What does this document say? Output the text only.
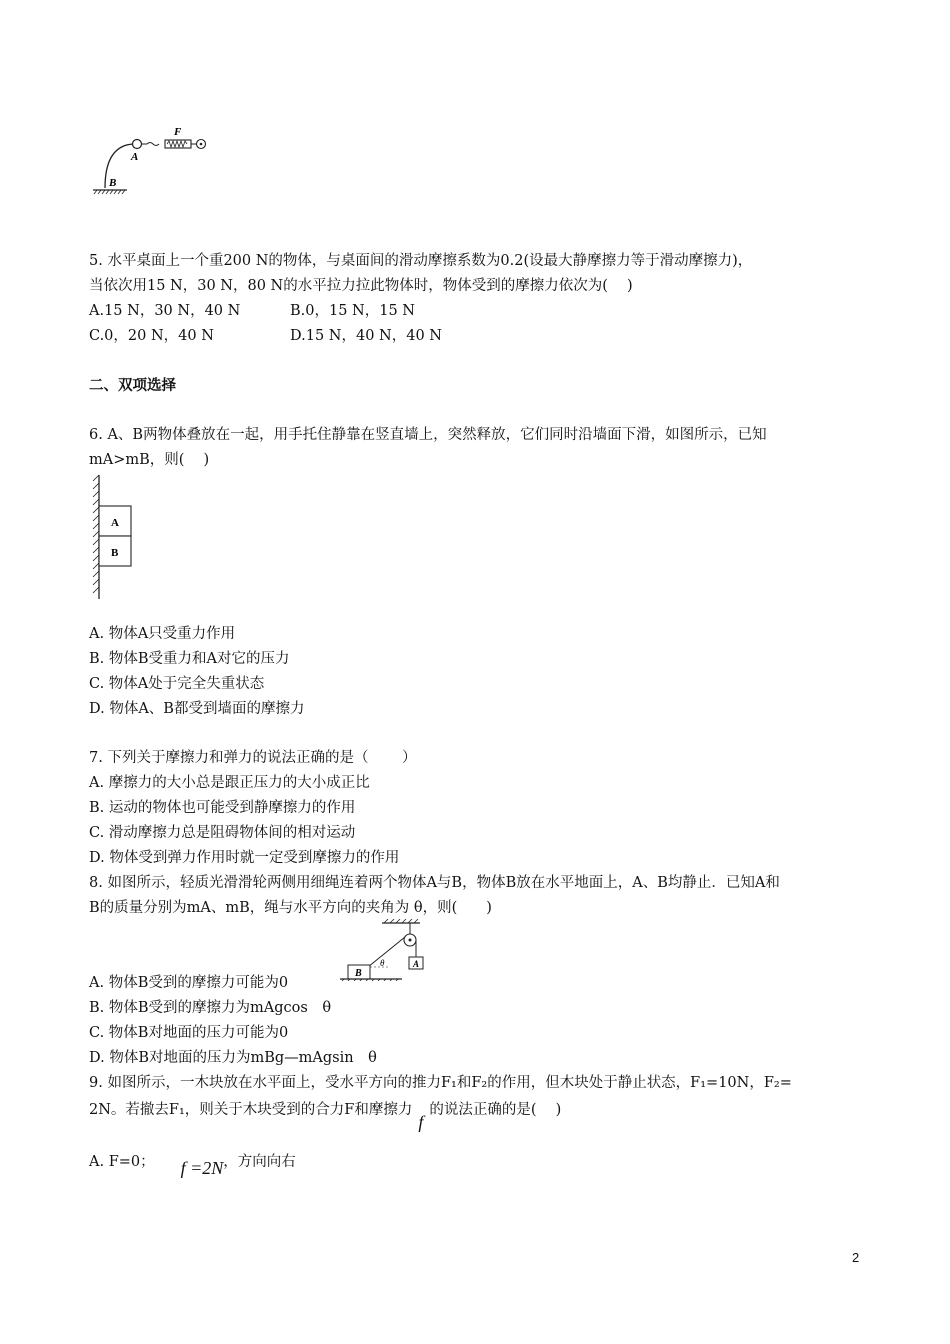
F
A
B
5. 水平桌面上一个重200 N的物体，与桌面间的滑动摩擦系数为0.2(设最大静摩擦力等于滑动摩擦力)，
当依次用15 N，30 N，80 N的水平拉力拉此物体时，物体受到的摩擦力依次为(　 )
A.15 N，30 N，40 N	B.0，15 N，15 N
C.0，20 N，40 N	D.15 N，40 N，40 N
二、双项选择
6. A、B两物体叠放在一起，用手托住静靠在竖直墙上，突然释放，它们同时沿墙面下滑，如图所示，已知
mA>mB，则(　 )
A
B
A. 物体A只受重力作用
B. 物体B受重力和A对它的压力
C. 物体A处于完全失重状态
D. 物体A、B都受到墙面的摩擦力
7. 下列关于摩擦力和弹力的说法正确的是（　　 ）
A. 摩擦力的大小总是跟正压力的大小成正比
B. 运动的物体也可能受到静摩擦力的作用
C. 滑动摩擦力总是阻碍物体间的相对运动
D. 物体受到弹力作用时就一定受到摩擦力的作用
8. 如图所示，轻质光滑滑轮两侧用细绳连着两个物体A与B，物体B放在水平地面上，A、B均静止．已知A和
B的质量分别为mA、mB，绳与水平方向的夹角为 θ，则(　　)
B
A
θ
A. 物体B受到的摩擦力可能为0
B. 物体B受到的摩擦力为mAgcos　θ
C. 物体B对地面的压力可能为0
D. 物体B对地面的压力为mBg—mAgsin　θ
9. 如图所示，一木块放在水平面上，受水平方向的推力F₁和F₂的作用，但木块处于静止状态，F₁=10N，F₂=
2N。若撤去F₁，则关于木块受到的合力F和摩擦力f的说法正确的是(　 )
A. F=0； f =2N，方向向右
2
